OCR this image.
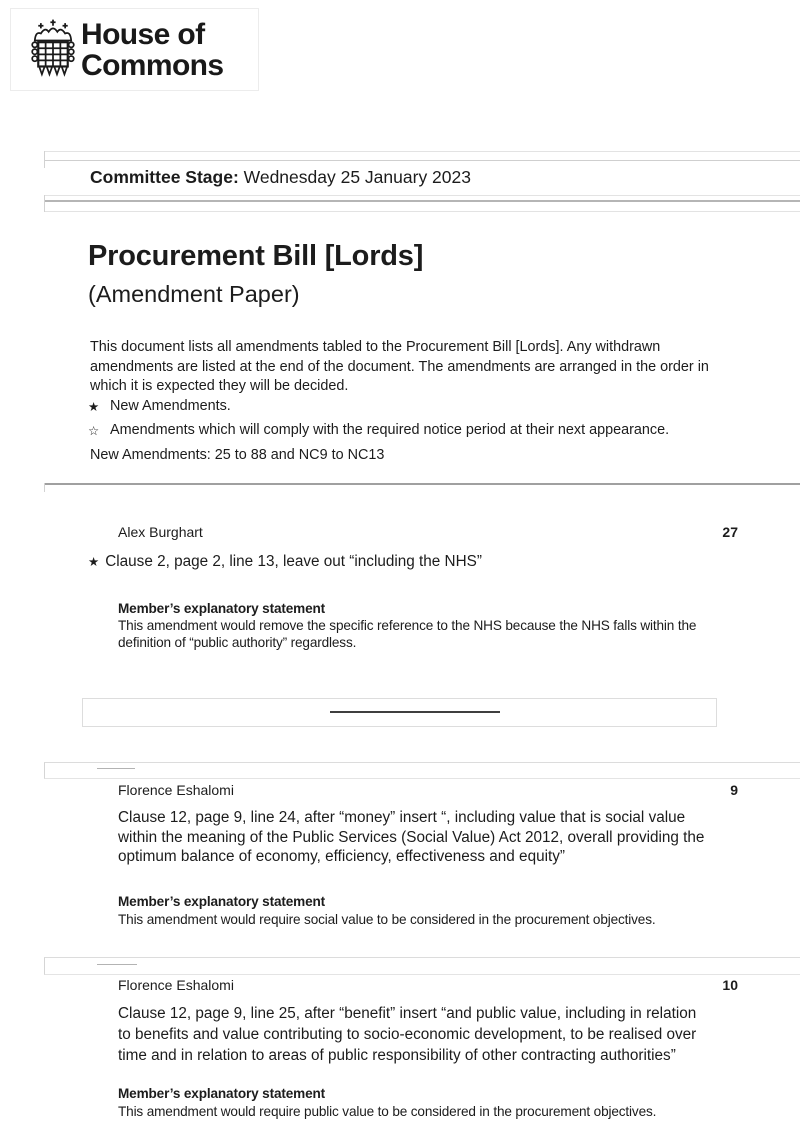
House of
Commons
Committee Stage: Wednesday 25 January 2023
Procurement Bill [Lords]
(Amendment Paper)
This document lists all amendments tabled to the Procurement Bill [Lords]. Any withdrawn
amendments are listed at the end of the document. The amendments are arranged in the order in
which it is expected they will be decided.
★ New Amendments.
☆ Amendments which will comply with the required notice period at their next appearance.
New Amendments: 25 to 88 and NC9 to NC13
Alex Burghart	27
★ Clause 2, page 2, line 13, leave out “including the NHS”
Member’s explanatory statement
This amendment would remove the specific reference to the NHS because the NHS falls within the
definition of “public authority” regardless.
Florence Eshalomi	9
Clause 12, page 9, line 24, after “money” insert “, including value that is social value
within the meaning of the Public Services (Social Value) Act 2012, overall providing the
optimum balance of economy, efficiency, effectiveness and equity”
Member’s explanatory statement
This amendment would require social value to be considered in the procurement objectives.
Florence Eshalomi	10
Clause 12, page 9, line 25, after “benefit” insert “and public value, including in relation
to benefits and value contributing to socio-economic development, to be realised over
time and in relation to areas of public responsibility of other contracting authorities”
Member’s explanatory statement
This amendment would require public value to be considered in the procurement objectives.
